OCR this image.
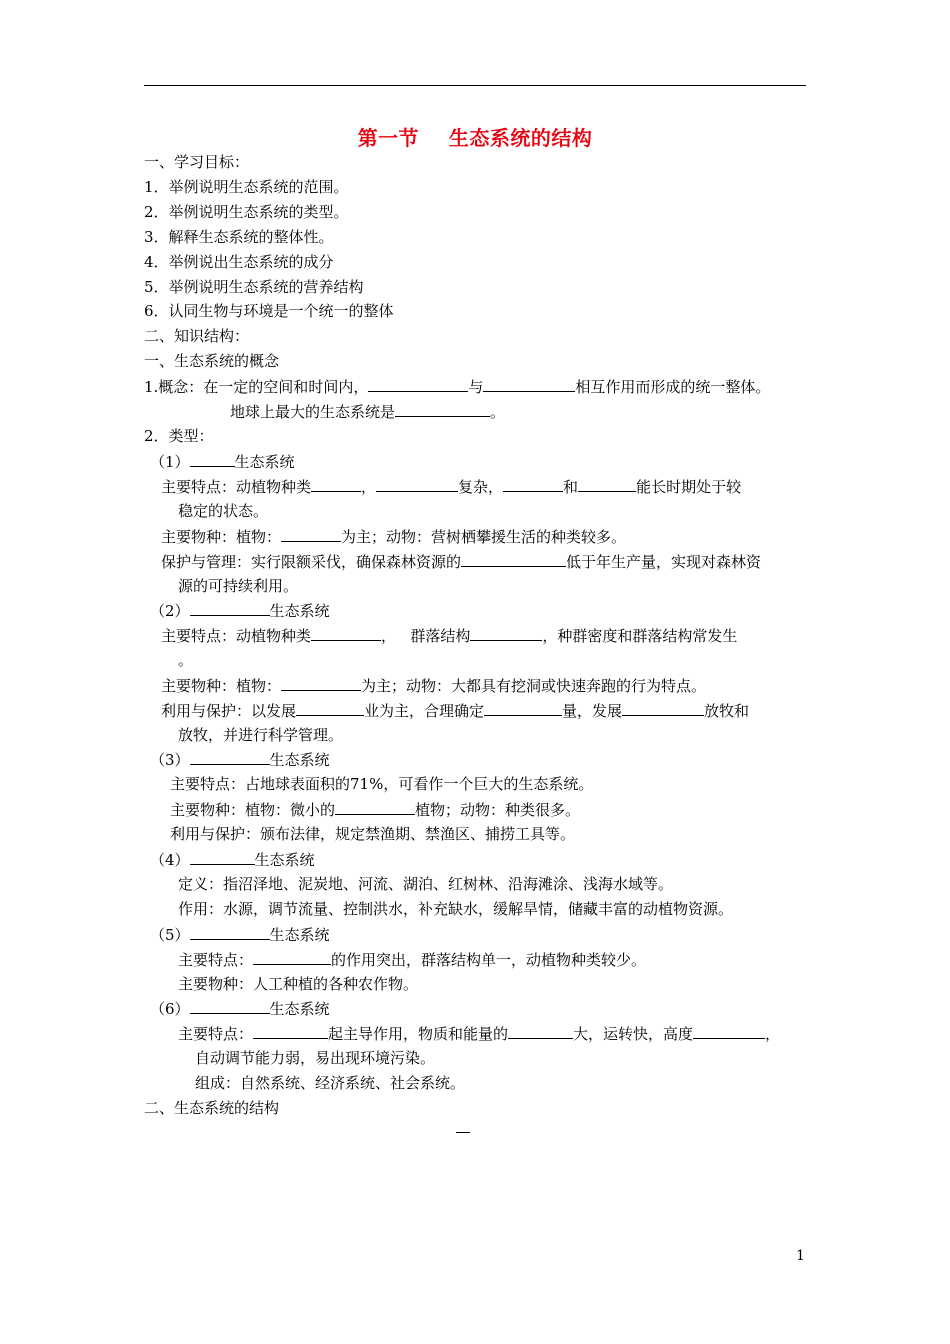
第一节    生态系统的结构
一、学习目标：
1．举例说明生态系统的范围。
2．举例说明生态系统的类型。
3．解释生态系统的整体性。
4．举例说出生态系统的成分
5．举例说明生态系统的营养结构
6．认同生物与环境是一个统一的整体
二、知识结构：
一、生态系统的概念
1.概念：在一定的空间和时间内，	与	相互作用而形成的统一整体。
地球上最大的生态系统是	。
2．类型：
（1）	生态系统
主要特点：动植物种类	，	复杂，	和	能长时期处于较
稳定的状态。
主要物种：植物：	为主；动物：营树栖攀援生活的种类较多。
保护与管理：实行限额采伐，确保森林资源的	低于年生产量，实现对森林资
源的可持续利用。
（2）	生态系统
主要特点：动植物种类	，   群落结构	，种群密度和群落结构常发生
。
主要物种：植物：	为主；动物：大都具有挖洞或快速奔跑的行为特点。
利用与保护：以发展	业为主，合理确定	量，发展	放牧和
放牧，并进行科学管理。
（3）	生态系统
主要特点：占地球表面积的71%，可看作一个巨大的生态系统。
主要物种：植物：微小的	植物；动物：种类很多。
利用与保护：颁布法律，规定禁渔期、禁渔区、捕捞工具等。
（4）	生态系统
定义：指沼泽地、泥炭地、河流、湖泊、红树林、沿海滩涂、浅海水域等。
作用：水源，调节流量、控制洪水，补充缺水，缓解旱情，储藏丰富的动植物资源。
（5）	生态系统
主要特点：	的作用突出，群落结构单一，动植物种类较少。
主要物种：人工种植的各种农作物。
（6）	生态系统
主要特点：	起主导作用，物质和能量的	大，运转快，高度	，
自动调节能力弱，易出现环境污染。
组成：自然系统、经济系统、社会系统。
二、生态系统的结构
1
